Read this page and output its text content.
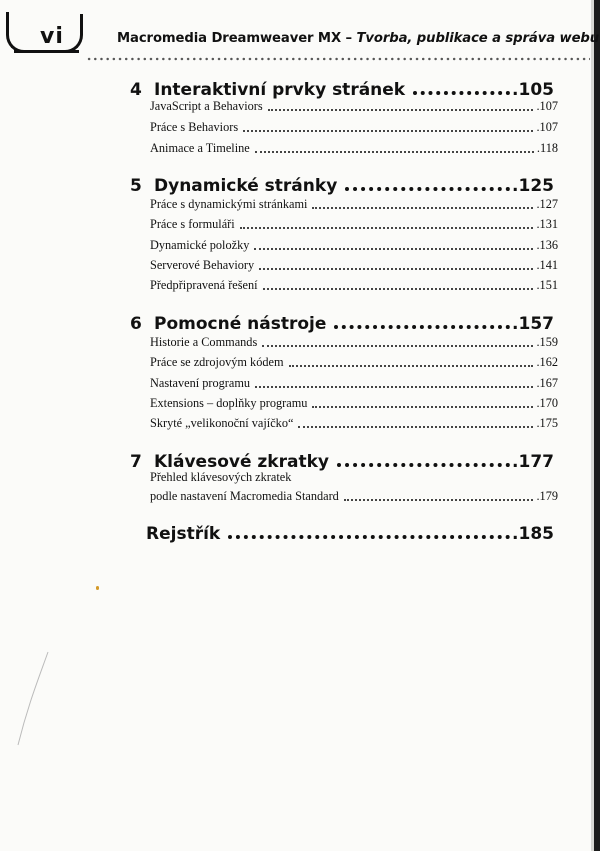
vi	Macromedia Dreamweaver MX – Tvorba, publikace a správa webu
4 Interaktivní prvky stránek	.105
JavaScript a Behaviors	.107
Práce s Behaviors	.107
Animace a Timeline	.118
5 Dynamické stránky	.125
Práce s dynamickými stránkami	.127
Práce s formuláři	.131
Dynamické položky	.136
Serverové Behaviory	.141
Předpřipravená řešení	.151
6 Pomocné nástroje	.157
Historie a Commands	.159
Práce se zdrojovým kódem	.162
Nastavení programu	.167
Extensions – doplňky programu	.170
Skryté „velikonoční vajíčko“	.175
7 Klávesové zkratky	.177
Přehled klávesových zkratek
podle nastavení Macromedia Standard	.179
Rejstřík	.185
